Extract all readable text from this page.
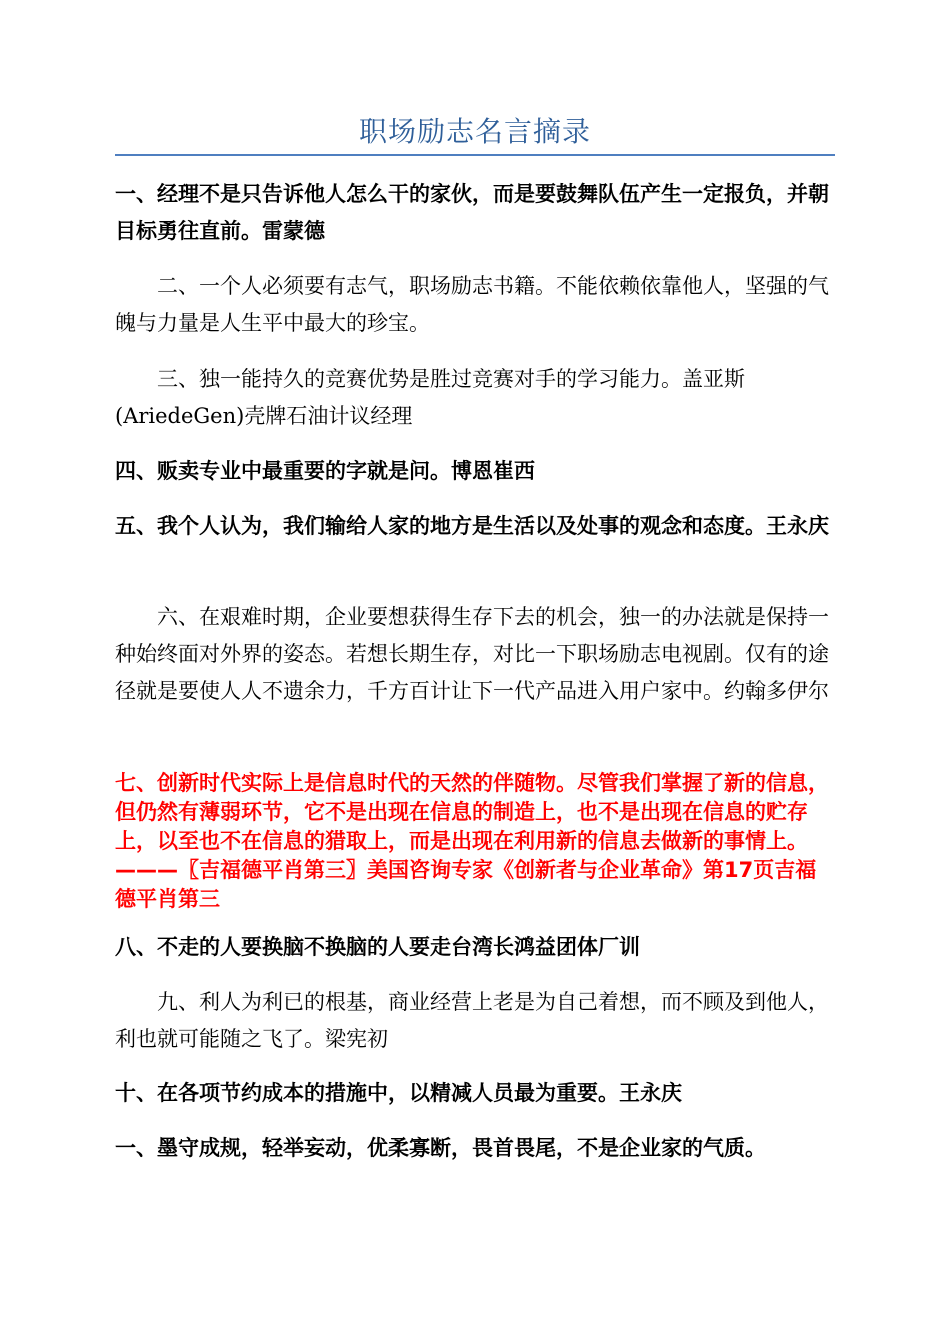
职场励志名言摘录

一、经理不是只告诉他人怎么干的家伙，而是要鼓舞队伍产生一定报负，并朝目标勇往直前。雷蒙德

二、一个人必须要有志气，职场励志书籍。不能依赖依靠他人，坚强的气魄与力量是人生平中最大的珍宝。

三、独一能持久的竞赛优势是胜过竞赛对手的学习能力。盖亚斯(AriedeGen)壳牌石油计议经理

四、贩卖专业中最重要的字就是问。博恩崔西

五、我个人认为，我们输给人家的地方是生活以及处事的观念和态度。王永庆

六、在艰难时期，企业要想获得生存下去的机会，独一的办法就是保持一种始终面对外界的姿态。若想长期生存，对比一下职场励志电视剧。仅有的途径就是要使人人不遗余力，千方百计让下一代产品进入用户家中。约翰多伊尔

七、创新时代实际上是信息时代的天然的伴随物。尽管我们掌握了新的信息，但仍然有薄弱环节，它不是出现在信息的制造上，也不是出现在信息的贮存上，以至也不在信息的猎取上，而是出现在利用新的信息去做新的事情上。———〖吉福德平肖第三〗美国咨询专家《创新者与企业革命》第17页吉福德平肖第三

八、不走的人要换脑不换脑的人要走台湾长鸿益团体厂训

九、利人为利已的根基，商业经营上老是为自己着想，而不顾及到他人，利也就可能随之飞了。梁宪初

十、在各项节约成本的措施中，以精减人员最为重要。王永庆

一、墨守成规，轻举妄动，优柔寡断，畏首畏尾，不是企业家的气质。
